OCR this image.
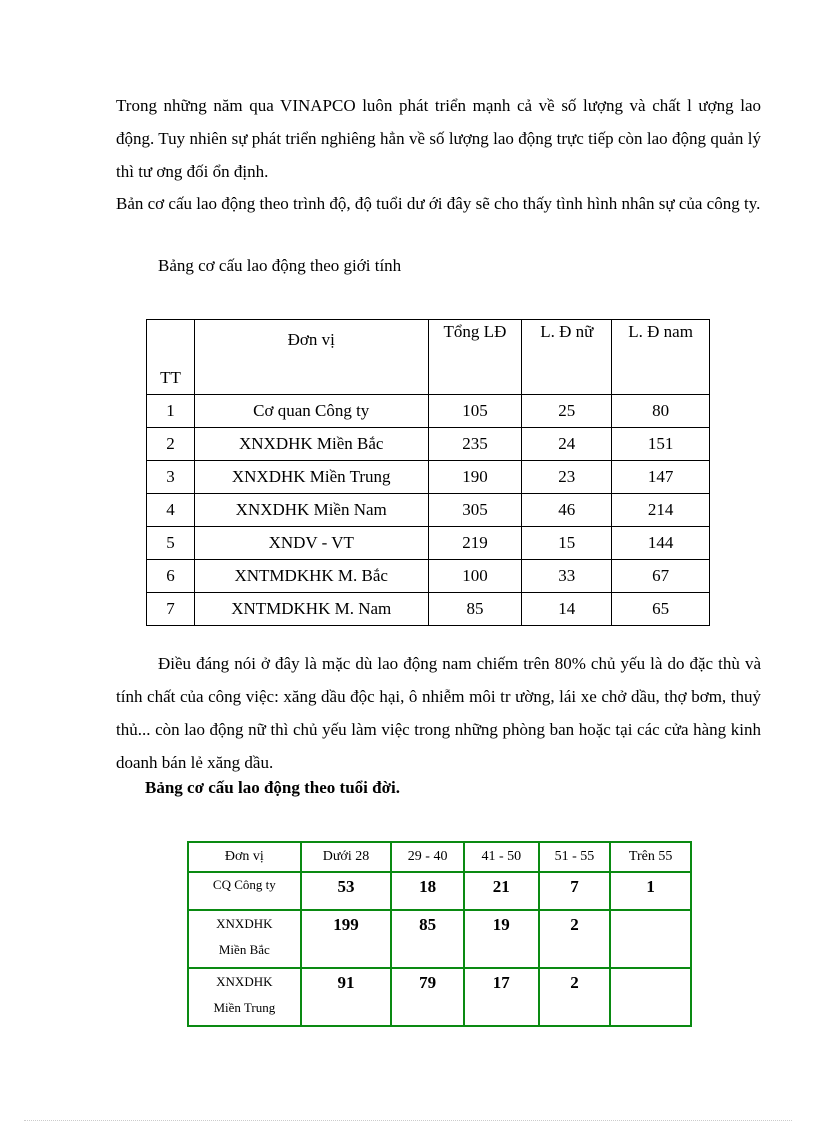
Trong những năm qua VINAPCO luôn phát triển mạnh cả về số lượng và chất l ượng lao động. Tuy nhiên sự phát triển nghiêng hẳn về số lượng lao động trực tiếp còn lao động quản lý thì tư ơng đối ổn định.

Bản cơ cấu lao động theo trình độ, độ tuổi dư ới đây sẽ cho thấy tình hình nhân sự của công ty.

Bảng cơ cấu lao động theo giới tính

TT	Đơn vị	Tổng LĐ	L. Đ nữ	L. Đ nam
1	Cơ quan Công ty	105	25	80
2	XNXDHK Miền Bắc	235	24	151
3	XNXDHK Miền Trung	190	23	147
4	XNXDHK Miền Nam	305	46	214
5	XNDV - VT	219	15	144
6	XNTMDKHK M. Bắc	100	33	67
7	XNTMDKHK M. Nam	85	14	65

Điều đáng nói ở đây là mặc dù lao động nam chiếm trên 80% chủ yếu là do đặc thù và tính chất của công việc: xăng dầu độc hại, ô nhiễm môi tr ường, lái xe chở dầu, thợ bơm, thuỷ thủ... còn lao động nữ thì chủ yếu làm việc trong những phòng ban hoặc tại các cửa hàng kinh doanh bán lẻ xăng dầu.

Bảng cơ cấu lao động theo tuổi đời.

Đơn vị	Dưới 28	29 - 40	41 - 50	51 - 55	Trên 55
CQ Công ty	53	18	21	7	1
XNXDHK
Miền Bắc	199	85	19	2	
XNXDHK
Miền Trung	91	79	17	2	
